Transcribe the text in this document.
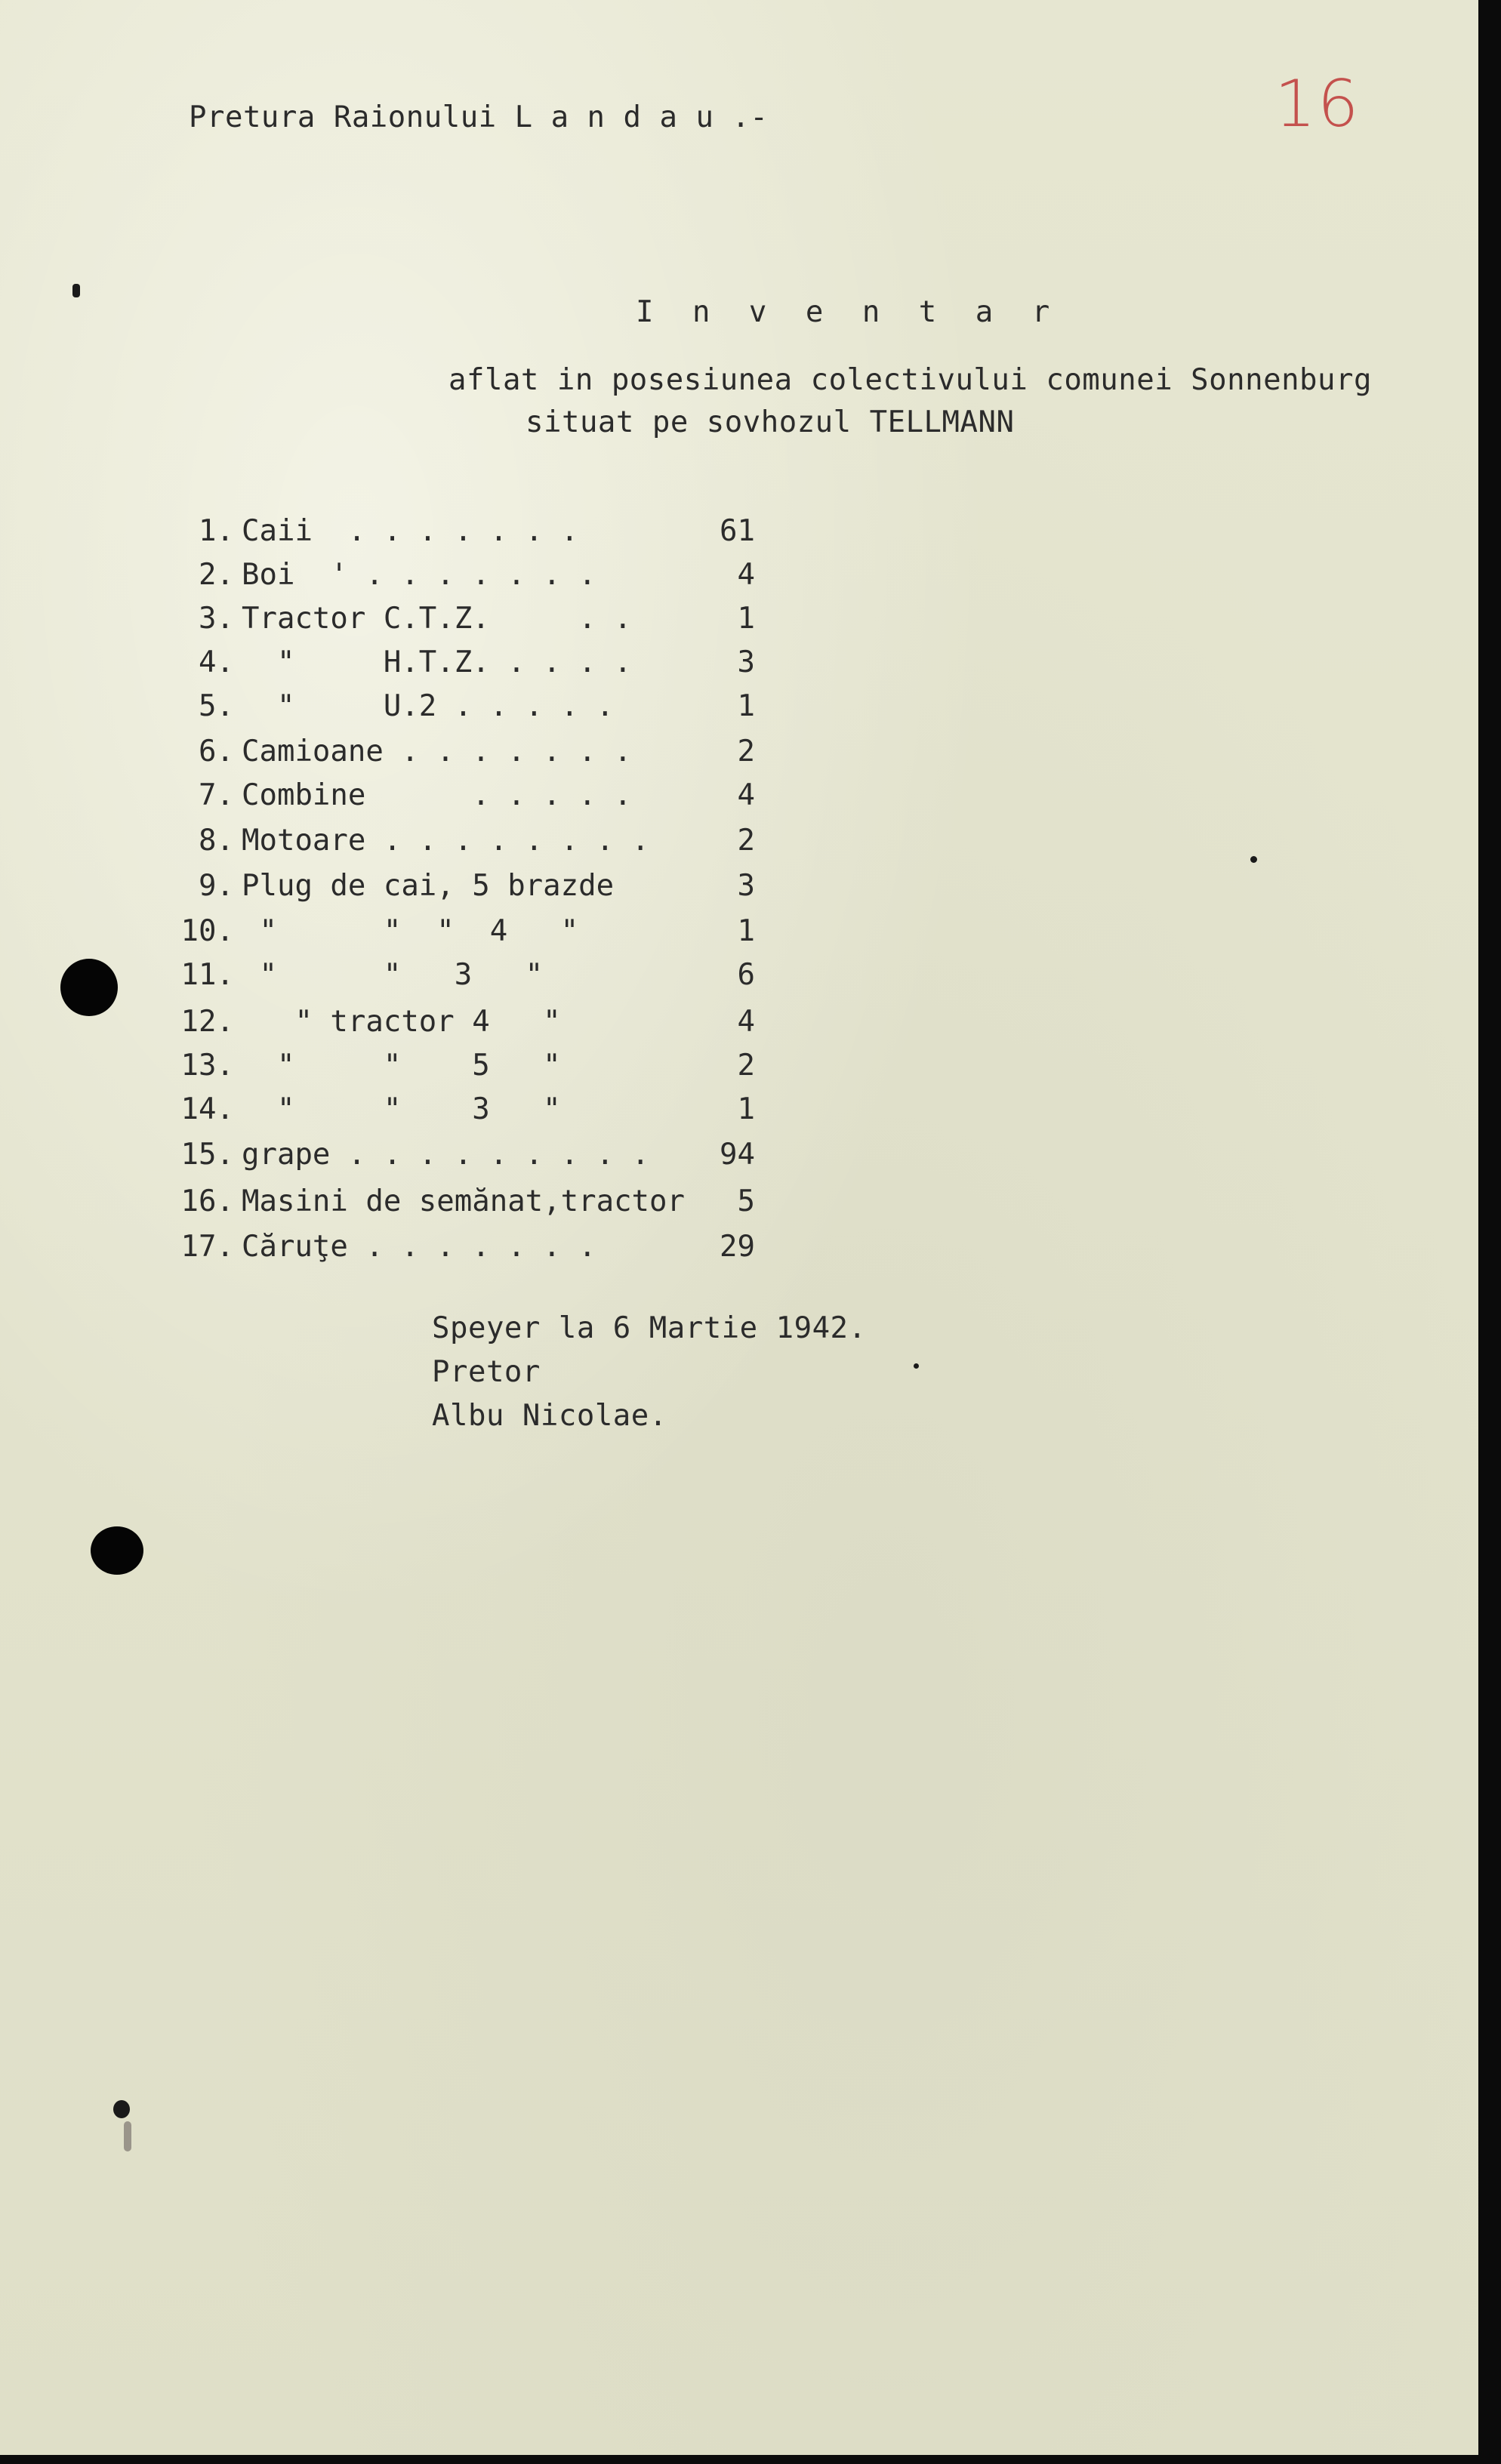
Pretura Raionului L a n d a u .-	16
I n v e n t a r
aflat in posesiunea colectivului comunei Sonnenburg
situat pe sovhozul TELLMANN
1. Caii  . . . . . . .	61
2. Boi  ' . . . . . . .	4
3. Tractor C.T.Z.     . .	1
4. "     H.T.Z. . . . .	3
5. "     U.2 . . . . .	1
6. Camioane . . . . . . .	2
7. Combine      . . . . .	4
8. Motoare . . . . . . . .	2
9. Plug de cai, 5 brazde	3
10. "      "  "  4   "	1
11. "      "   3   "	6
12. " tractor 4   "	4
13. "     "    5   "	2
14. "     "    3   "	1
15. grape . . . . . . . . .	94
16. Masini de semănat,tractor	5
17. Căruţe . . . . . . .	29
Speyer la 6 Martie 1942.
Pretor
Albu Nicolae.
